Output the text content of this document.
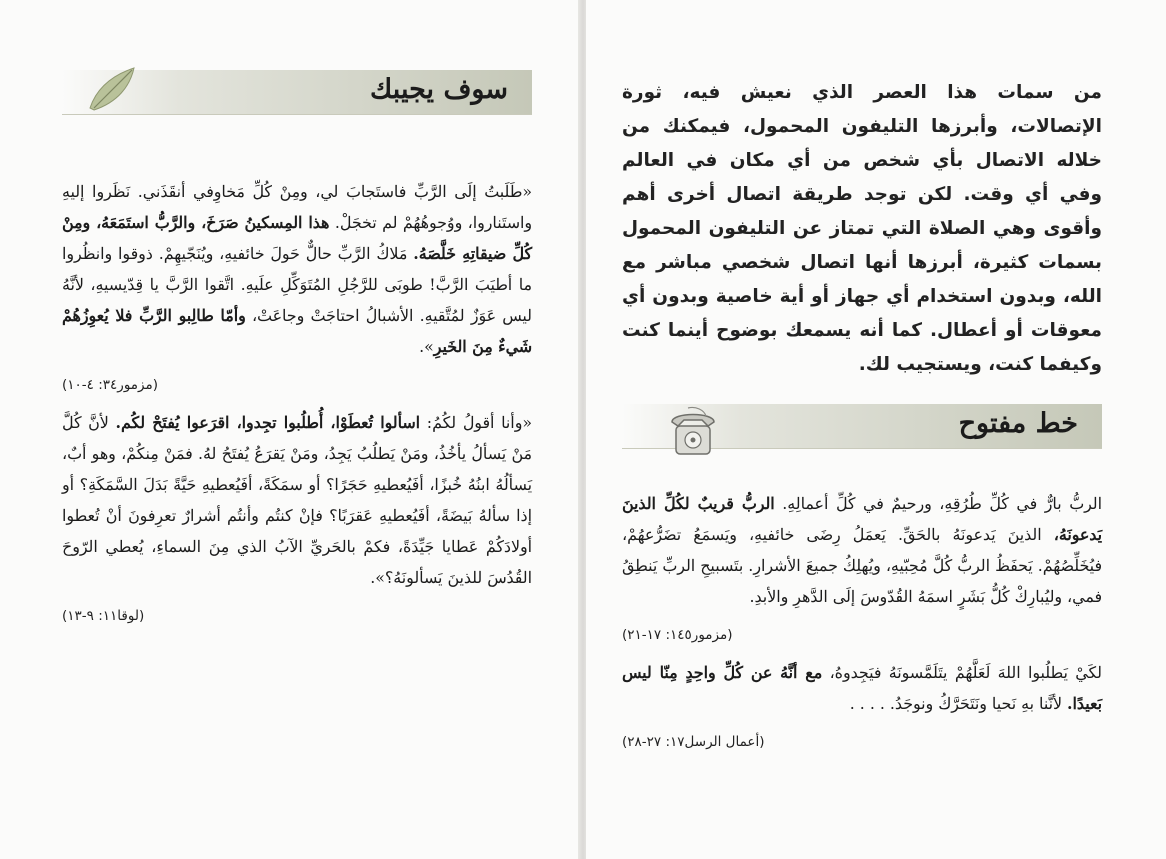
سوف يجيبك

«طَلَبتُ إلَى الرَّبِّ فاستَجابَ لي، ومِنْ كُلِّ مَخاوِفي أنقَذَني. نَظَروا إليهِ واستَناروا، ووُجوهُهُمْ لم تخجَلْ. هذا المِسكينُ صَرَخَ، والرَّبُّ استَمَعَهُ، ومِنْ كُلِّ ضيقاتِهِ خَلَّصَهُ. مَلاكُ الرَّبِّ حالٌّ حَولَ خائفيهِ، ويُنَجّيهِمْ. ذوقوا وانظُروا ما أطيَبَ الرَّبَّ! طوبَى للرَّجُلِ المُتَوَكِّلِ علَيهِ. اتَّقوا الرَّبَّ يا قِدّيسيهِ، لأنَّهُ ليس عَوَزٌ لمُتَّقيهِ. الأشبالُ احتاجَتْ وجاعَتْ، وأمّا طالِبو الرَّبِّ فلا يُعوِزُهُمْ شَيءٌ مِنَ الخَيرِ».

(مزمور٣٤: ٤-١٠)

«وأنا أقولُ لكُمُ: اسألوا تُعطَوْا، أُطلُبوا تجِدوا، اقرَعوا يُفتَحْ لكُم. لأنَّ كُلَّ مَنْ يَسألُ يأخُذُ، ومَنْ يَطلُبُ يَجِدُ، ومَنْ يَقرَعُ يُفتَحُ لهُ. فمَنْ مِنكُمْ، وهو أبٌ، يَسألُهُ ابنُهُ خُبزًا، أفَيُعطيهِ حَجَرًا؟ أو سمَكَةً، أفَيُعطيهِ حَيَّةً بَدَلَ السَّمَكَةِ؟ أو إذا سألهُ بَيضَةً، أفَيُعطيهِ عَقرَبًا؟ فإنْ كنتُم وأنتُم أشرارٌ تعرِفونَ أنْ تُعطوا أولادَكُمْ عَطايا جَيِّدَةً، فكمْ بالحَريِّ الآبُ الذي مِنَ السماءِ، يُعطي الرّوحَ القُدُسَ للذينَ يَسألونَهُ؟».

(لوقا١١: ٩-١٣)
من سمات هذا العصر الذي نعيش فيه، ثورة الإتصالات، وأبرزها التليفون المحمول، فيمكنك من خلاله الاتصال بأي شخص من أي مكان في العالم وفي أي وقت. لكن توجد طريقة اتصال أخرى أهم وأقوى وهي الصلاة التي تمتاز عن التليفون المحمول بسمات كثيرة، أبرزها أنها اتصال شخصي مباشر مع الله، وبدون استخدام أي جهاز أو أية خاصية وبدون أي معوقات أو أعطال. كما أنه يسمعك بوضوح أينما كنت وكيفما كنت، ويستجيب لك.
خط مفتوح

الربُّ بارٌّ في كُلِّ طُرُقِهِ، ورحيمٌ في كُلِّ أعمالِهِ. الربُّ قريبٌ لكُلِّ الذينَ يَدعونَهُ، الذينَ يَدعونَهُ بالحَقِّ. يَعمَلُ رِضَى خائفيهِ، ويَسمَعُ تضَرُّعهُمْ، فيُخَلِّصُهُمْ. يَحفَظُ الربُّ كُلَّ مُحِبّيهِ، ويُهلِكُ جميعَ الأشرارِ. بتَسبيحِ الربِّ يَنطِقُ فمي، وليُبارِكْ كُلُّ بَشَرٍ اسمَهُ القُدّوسَ إلَى الدَّهرِ والأبدِ.

(مزمور١٤٥: ١٧-٢١)

لكَيْ يَطلُبوا اللهَ لَعَلَّهُمْ يتَلَمَّسونَهُ فيَجِدوهُ، مع أنَّهُ عن كُلِّ واحِدٍ مِنّا ليس بَعيدًا. لأنَّنا بهِ نَحيا ونَتَحَرَّكُ ونوجَدُ. . . . .

(أعمال الرسل١٧: ٢٧-٢٨)
